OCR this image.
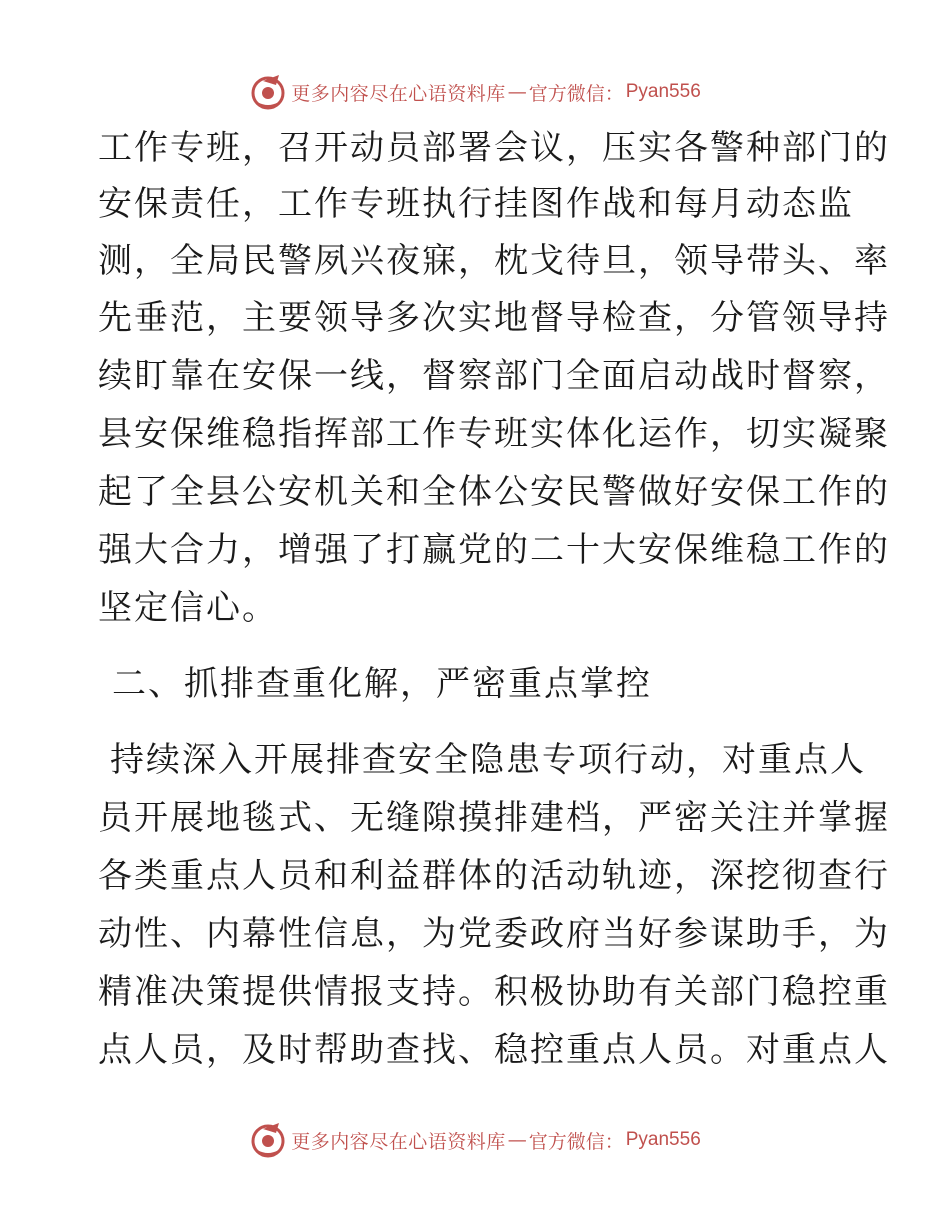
更多内容尽在心语资料库 — 官方微信： Pyan556
工作专班，召开动员部署会议，压实各警种部门的
安保责任，工作专班执行挂图作战和每月动态监
测，全局民警夙兴夜寐，枕戈待旦，领导带头、率
先垂范，主要领导多次实地督导检查，分管领导持
续盯靠在安保一线，督察部门全面启动战时督察，
县安保维稳指挥部工作专班实体化运作，切实凝聚
起了全县公安机关和全体公安民警做好安保工作的
强大合力，增强了打赢党的二十大安保维稳工作的
坚定信心。
二、抓排查重化解，严密重点掌控
持续深入开展排查安全隐患专项行动，对重点人
员开展地毯式、无缝隙摸排建档，严密关注并掌握
各类重点人员和利益群体的活动轨迹，深挖彻查行
动性、内幕性信息，为党委政府当好参谋助手，为
精准决策提供情报支持。积极协助有关部门稳控重
点人员，及时帮助查找、稳控重点人员。对重点人
更多内容尽在心语资料库 — 官方微信： Pyan556
